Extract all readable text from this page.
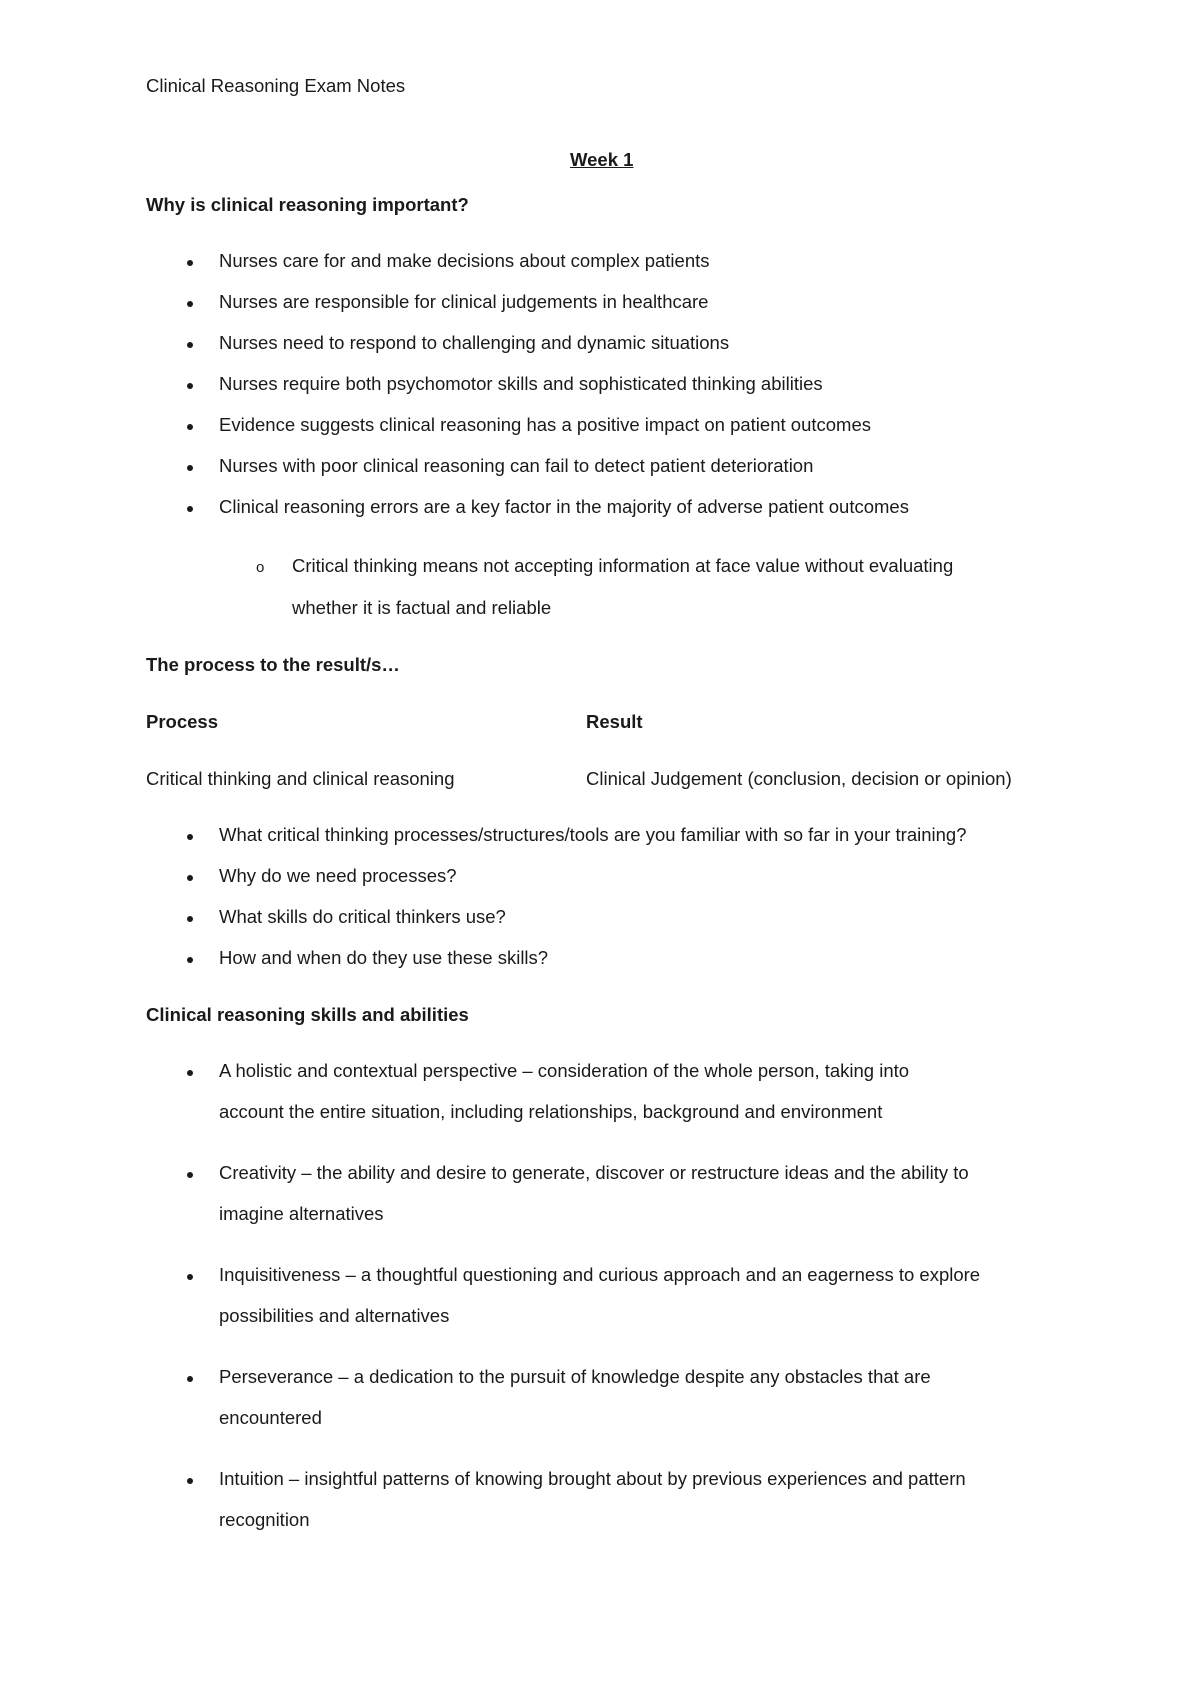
Clinical Reasoning Exam Notes
Week 1
Why is clinical reasoning important?
Nurses care for and make decisions about complex patients
Nurses are responsible for clinical judgements in healthcare
Nurses need to respond to challenging and dynamic situations
Nurses require both psychomotor skills and sophisticated thinking abilities
Evidence suggests clinical reasoning has a positive impact on patient outcomes
Nurses with poor clinical reasoning can fail to detect patient deterioration
Clinical reasoning errors are a key factor in the majority of adverse patient outcomes
o Critical thinking means not accepting information at face value without evaluating
whether it is factual and reliable
The process to the result/s…
Process	Result
Critical thinking and clinical reasoning	Clinical Judgement (conclusion, decision or opinion)
What critical thinking processes/structures/tools are you familiar with so far in your training?
Why do we need processes?
What skills do critical thinkers use?
How and when do they use these skills?
Clinical reasoning skills and abilities
A holistic and contextual perspective – consideration of the whole person, taking into
account the entire situation, including relationships, background and environment
Creativity – the ability and desire to generate, discover or restructure ideas and the ability to
imagine alternatives
Inquisitiveness – a thoughtful questioning and curious approach and an eagerness to explore
possibilities and alternatives
Perseverance – a dedication to the pursuit of knowledge despite any obstacles that are
encountered
Intuition – insightful patterns of knowing brought about by previous experiences and pattern
recognition
